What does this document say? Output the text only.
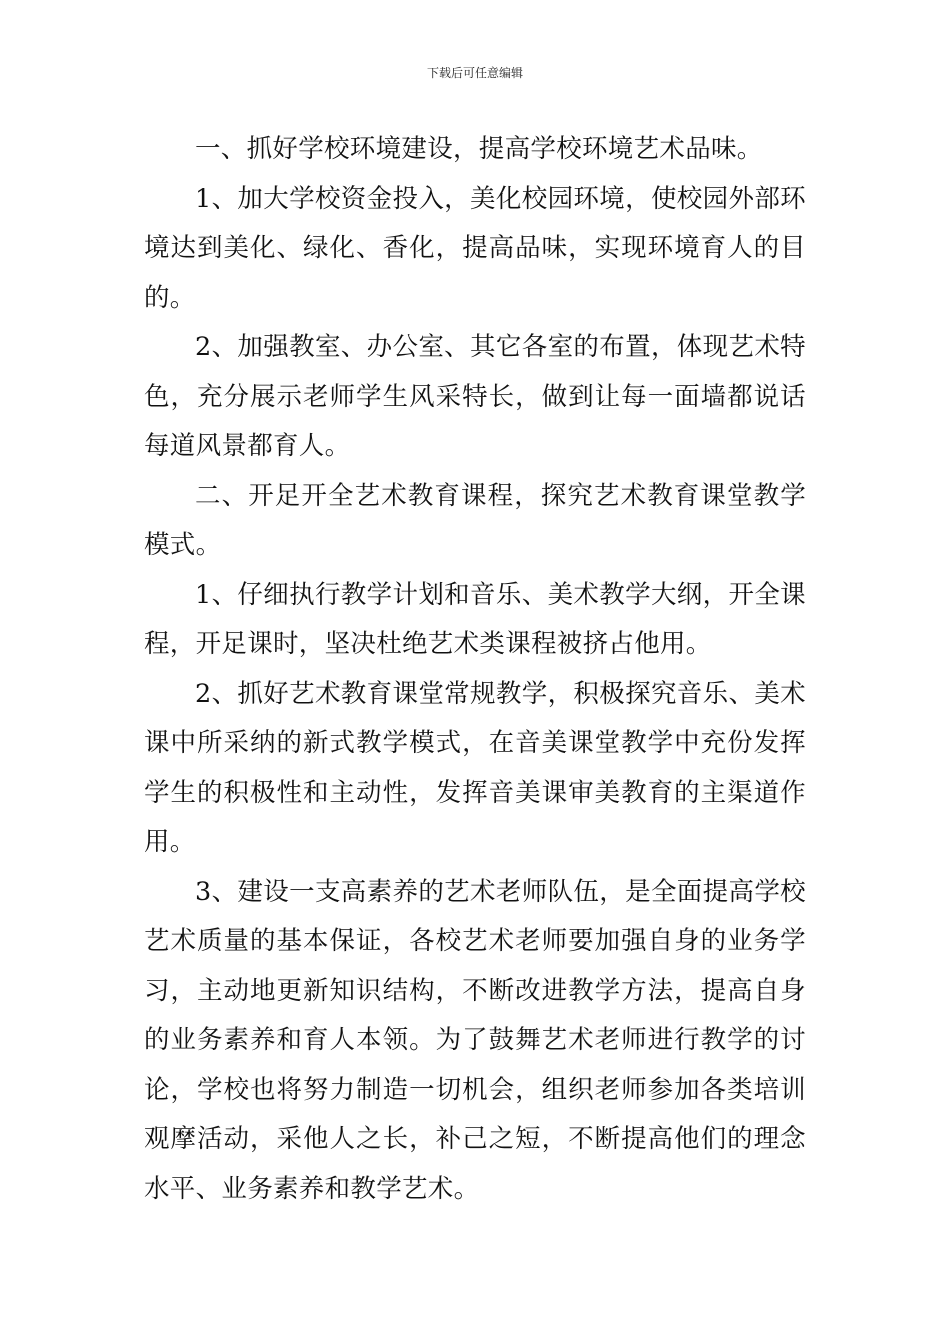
下载后可任意编辑

一、抓好学校环境建设，提高学校环境艺术品味。

1、加大学校资金投入，美化校园环境，使校园外部环境达到美化、绿化、香化，提高品味，实现环境育人的目的。

2、加强教室、办公室、其它各室的布置，体现艺术特色，充分展示老师学生风采特长，做到让每一面墙都说话每道风景都育人。

二、开足开全艺术教育课程，探究艺术教育课堂教学模式。

1、仔细执行教学计划和音乐、美术教学大纲，开全课程，开足课时，坚决杜绝艺术类课程被挤占他用。

2、抓好艺术教育课堂常规教学，积极探究音乐、美术课中所采纳的新式教学模式，在音美课堂教学中充份发挥学生的积极性和主动性，发挥音美课审美教育的主渠道作用。

3、建设一支高素养的艺术老师队伍，是全面提高学校艺术质量的基本保证，各校艺术老师要加强自身的业务学习，主动地更新知识结构，不断改进教学方法，提高自身的业务素养和育人本领。为了鼓舞艺术老师进行教学的讨论，学校也将努力制造一切机会，组织老师参加各类培训观摩活动，采他人之长，补己之短，不断提高他们的理念水平、业务素养和教学艺术。
